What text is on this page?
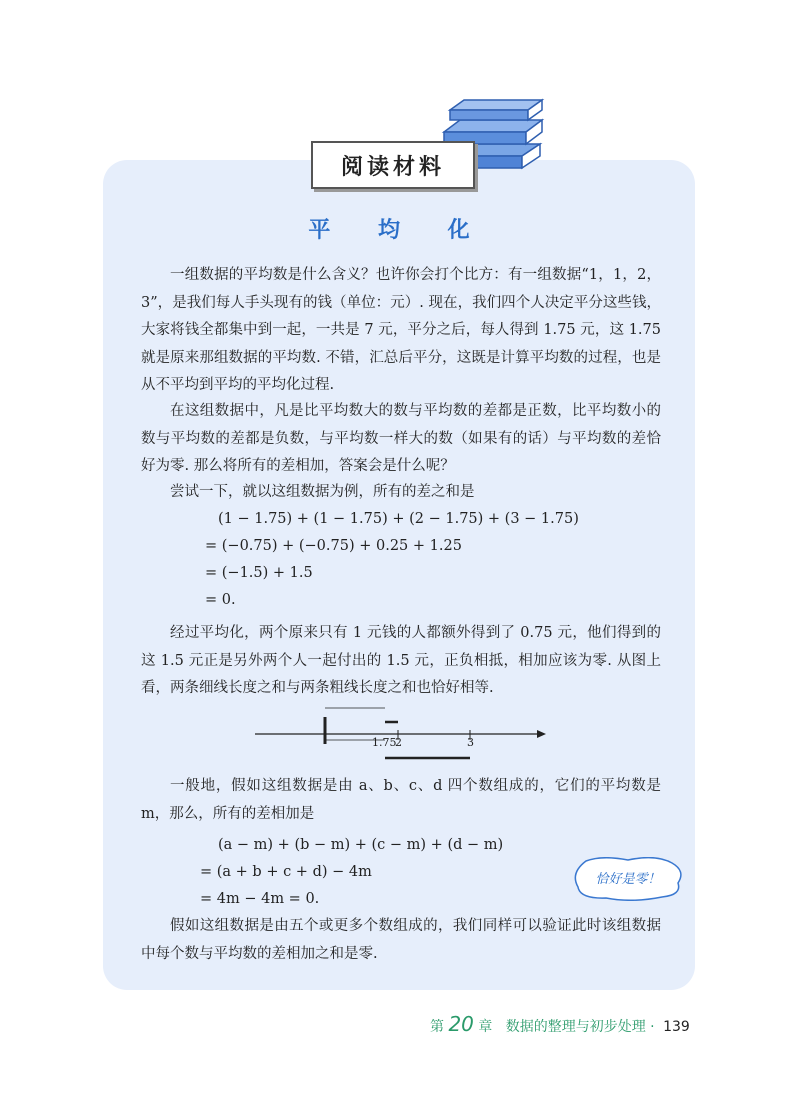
阅读材料
平 均 化

一组数据的平均数是什么含义？也许你会打个比方：有一组数据“1，1，2，3”，是我们每人手头现有的钱（单位：元）. 现在，我们四个人决定平分这些钱，大家将钱全都集中到一起，一共是 7 元，平分之后，每人得到 1.75 元，这 1.75 就是原来那组数据的平均数. 不错，汇总后平分，这既是计算平均数的过程，也是从不平均到平均的平均化过程.

在这组数据中，凡是比平均数大的数与平均数的差都是正数，比平均数小的数与平均数的差都是负数，与平均数一样大的数（如果有的话）与平均数的差恰好为零. 那么将所有的差相加，答案会是什么呢？

尝试一下，就以这组数据为例，所有的差之和是

(1 − 1.75) + (1 − 1.75) + (2 − 1.75) + (3 − 1.75)
= (−0.75) + (−0.75) + 0.25 + 1.25
= (−1.5) + 1.5
= 0.

经过平均化，两个原来只有 1 元钱的人都额外得到了 0.75 元，他们得到的这 1.5 元正是另外两个人一起付出的 1.5 元，正负相抵，相加应该为零. 从图上看，两条细线长度之和与两条粗线长度之和也恰好相等.

1.75
2	3

一般地，假如这组数据是由 a、b、c、d 四个数组成的，它们的平均数是 m，那么，所有的差相加是

(a − m) + (b − m) + (c − m) + (d − m)
= (a + b + c + d) − 4m
= 4m − 4m = 0.
恰好是零！

假如这组数据是由五个或更多个数组成的，我们同样可以验证此时该组数据中每个数与平均数的差相加之和是零.

第 20 章 数据的整理与初步处理 · 139
